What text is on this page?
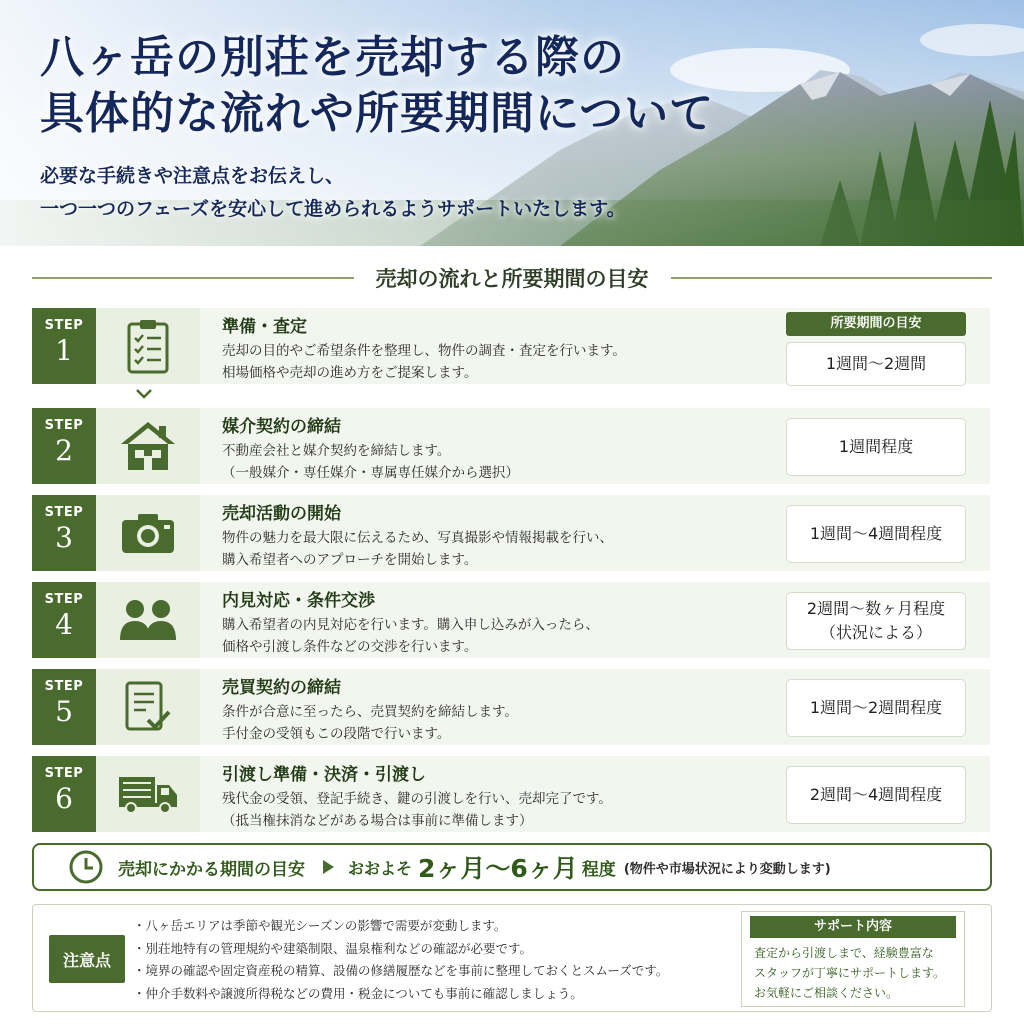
八ヶ岳の別荘を売却する際の
具体的な流れや所要期間について
必要な手続きや注意点をお伝えし、
一つ一つのフェーズを安心して進められるようサポートいたします。
売却の流れと所要期間の目安
STEP
1
準備・査定
売却の目的やご希望条件を整理し、物件の調査・査定を行います。
相場価格や売却の進め方をご提案します。
所要期間の目安
1週間〜2週間
STEP
2
媒介契約の締結
不動産会社と媒介契約を締結します。
（一般媒介・専任媒介・専属専任媒介から選択）
1週間程度
STEP
3
売却活動の開始
物件の魅力を最大限に伝えるため、写真撮影や情報掲載を行い、
購入希望者へのアプローチを開始します。
1週間〜4週間程度
STEP
4
内見対応・条件交渉
購入希望者の内見対応を行います。購入申し込みが入ったら、
価格や引渡し条件などの交渉を行います。
2週間〜数ヶ月程度
（状況による）
STEP
5
売買契約の締結
条件が合意に至ったら、売買契約を締結します。
手付金の受領もこの段階で行います。
1週間〜2週間程度
STEP
6
引渡し準備・決済・引渡し
残代金の受領、登記手続き、鍵の引渡しを行い、売却完了です。
（抵当権抹消などがある場合は事前に準備します）
2週間〜4週間程度
売却にかかる期間の目安	おおよそ 2ヶ月〜6ヶ月 程度 (物件や市場状況により変動します)
注意点
・八ヶ岳エリアは季節や観光シーズンの影響で需要が変動します。
・別荘地特有の管理規約や建築制限、温泉権利などの確認が必要です。
・境界の確認や固定資産税の精算、設備の修繕履歴などを事前に整理しておくとスムーズです。
・仲介手数料や譲渡所得税などの費用・税金についても事前に確認しましょう。
サポート内容
査定から引渡しまで、経験豊富な
スタッフが丁寧にサポートします。
お気軽にご相談ください。
